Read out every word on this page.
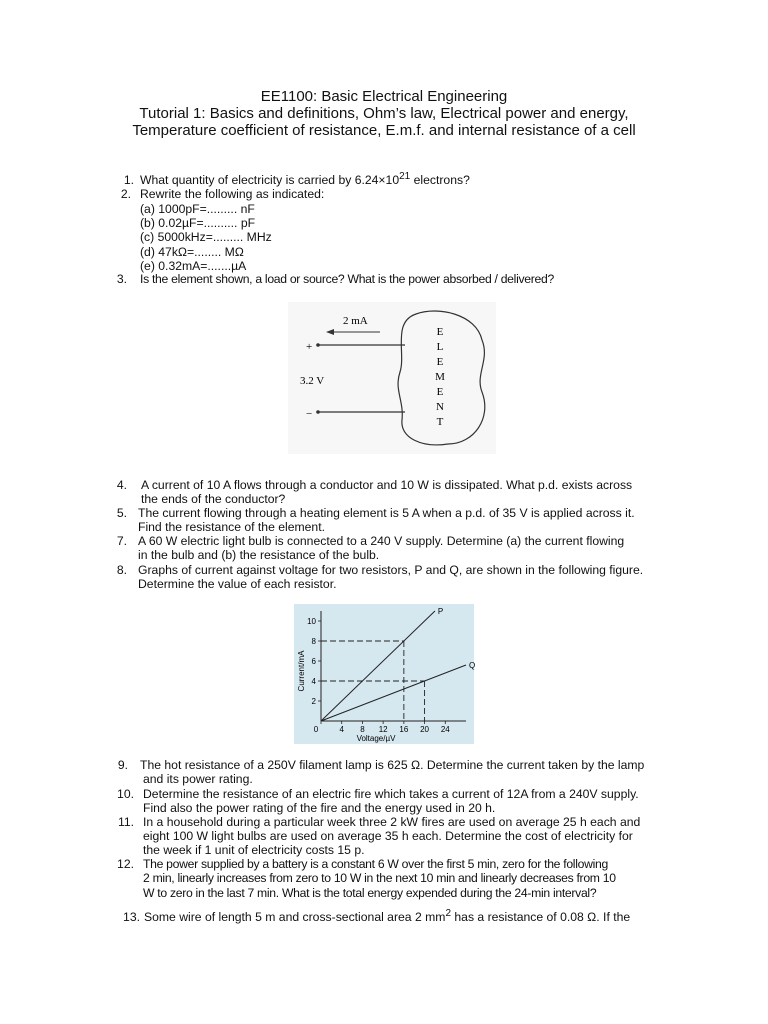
EE1100: Basic Electrical Engineering
Tutorial 1: Basics and definitions, Ohm’s law, Electrical power and energy,
Temperature coefficient of resistance, E.m.f. and internal resistance of a cell
1. What quantity of electricity is carried by $6.24\times 10^{21}$ electrons?
2. Rewrite the following as indicated:
(a) 1000pF=......... nF
(b) 0.02µF=.......... pF
(c) 5000kHz=......... MHz
(d) 47kΩ=........ MΩ
(e) 0.32mA=.......µA
3. Is the element shown, a load or source? What is the power absorbed / delivered?
2 mA
+
−
3.2 V
E
L
E
M
E
N
T
4. A current of 10 A flows through a conductor and 10 W is dissipated. What p.d. exists across
the ends of the conductor?
5. The current flowing through a heating element is 5 A when a p.d. of 35 V is applied across it.
Find the resistance of the element.
7. A 60 W electric light bulb is connected to a 240 V supply. Determine (a) the current flowing
in the bulb and (b) the resistance of the bulb.
8. Graphs of current against voltage for two resistors, P and Q, are shown in the following figure.
Determine the value of each resistor.
0	4 8 12 16 20 24
2
4
6
8
10
P
Q
Voltage/µV
Current/mA
9. The hot resistance of a 250V filament lamp is 625 Ω. Determine the current taken by the lamp
and its power rating.
10. Determine the resistance of an electric fire which takes a current of 12A from a 240V supply.
Find also the power rating of the fire and the energy used in 20 h.
11. In a household during a particular week three 2 kW fires are used on average 25 h each and
eight 100 W light bulbs are used on average 35 h each. Determine the cost of electricity for
the week if 1 unit of electricity costs 15 p.
12. The power supplied by a battery is a constant 6 W over the first 5 min, zero for the following
2 min, linearly increases from zero to 10 W in the next 10 min and linearly decreases from 10
W to zero in the last 7 min. What is the total energy expended during the 24-min interval?
13. Some wire of length 5 m and cross-sectional area 2 $mm^2$ has a resistance of 0.08 Ω. If the
